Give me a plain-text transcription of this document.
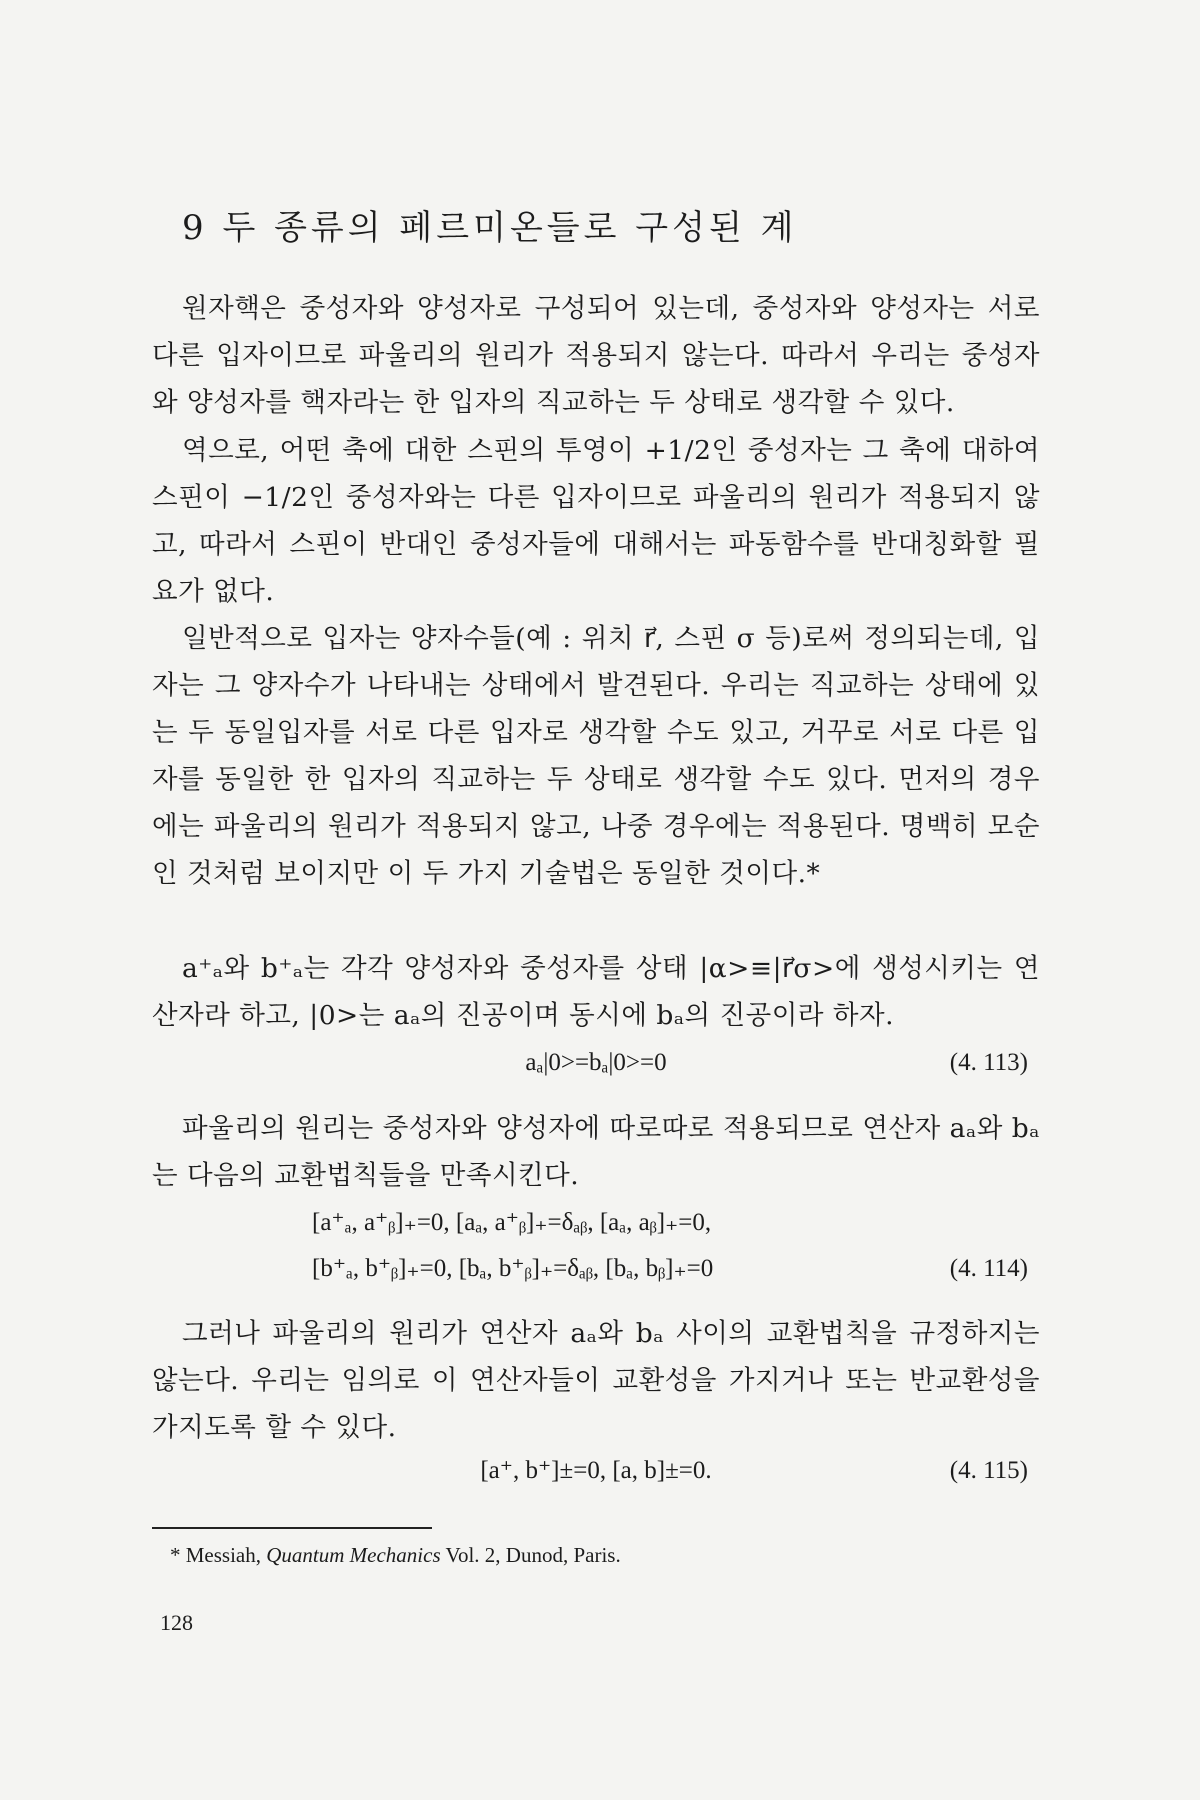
9 두 종류의 페르미온들로 구성된 계

원자핵은 중성자와 양성자로 구성되어 있는데, 중성자와 양성자는 서로 다른 입자이므로 파울리의 원리가 적용되지 않는다. 따라서 우리는 중성자와 양성자를 핵자라는 한 입자의 직교하는 두 상태로 생각할 수 있다.

역으로, 어떤 축에 대한 스핀의 투영이 +1/2인 중성자는 그 축에 대하여 스핀이 −1/2인 중성자와는 다른 입자이므로 파울리의 원리가 적용되지 않고, 따라서 스핀이 반대인 중성자들에 대해서는 파동함수를 반대칭화할 필요가 없다.

일반적으로 입자는 양자수들(예 : 위치 r⃗, 스핀 σ 등)로써 정의되는데, 입자는 그 양자수가 나타내는 상태에서 발견된다. 우리는 직교하는 상태에 있는 두 동일입자를 서로 다른 입자로 생각할 수도 있고, 거꾸로 서로 다른 입자를 동일한 한 입자의 직교하는 두 상태로 생각할 수도 있다. 먼저의 경우에는 파울리의 원리가 적용되지 않고, 나중 경우에는 적용된다. 명백히 모순인 것처럼 보이지만 이 두 가지 기술법은 동일한 것이다.*

a⁺ₐ와 b⁺ₐ는 각각 양성자와 중성자를 상태 |α>≡|r⃗σ>에 생성시키는 연산자라 하고, |0>는 aₐ의 진공이며 동시에 bₐ의 진공이라 하자.

aₐ|0>=bₐ|0>=0	(4. 113)

파울리의 원리는 중성자와 양성자에 따로따로 적용되므로 연산자 aₐ와 bₐ는 다음의 교환법칙들을 만족시킨다.

[a⁺ₐ, a⁺ᵦ]₊=0, [aₐ, a⁺ᵦ]₊=δₐᵦ, [aₐ, aᵦ]₊=0,
[b⁺ₐ, b⁺ᵦ]₊=0, [bₐ, b⁺ᵦ]₊=δₐᵦ, [bₐ, bᵦ]₊=0	(4. 114)

그러나 파울리의 원리가 연산자 aₐ와 bₐ 사이의 교환법칙을 규정하지는 않는다. 우리는 임의로 이 연산자들이 교환성을 가지거나 또는 반교환성을 가지도록 할 수 있다.

[a⁺, b⁺]±=0, [a, b]±=0.	(4. 115)
* Messiah, Quantum Mechanics Vol. 2, Dunod, Paris.
128
